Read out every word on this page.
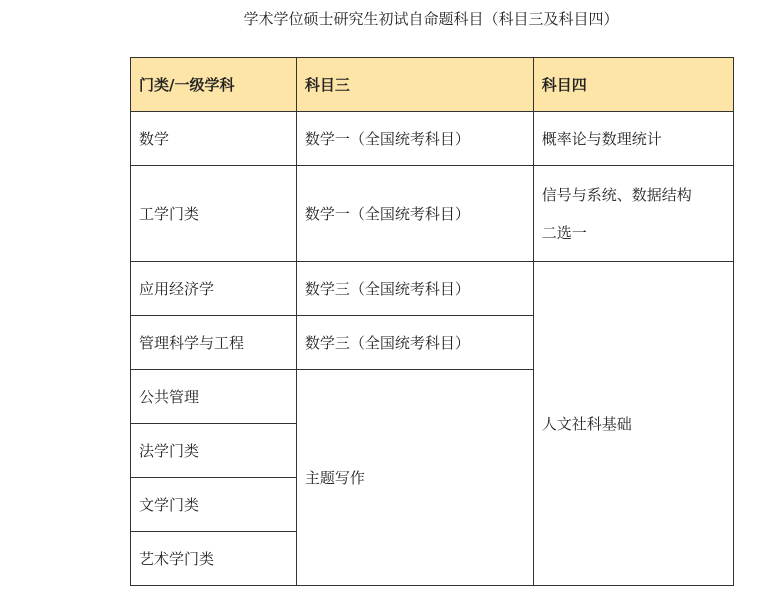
学术学位硕士研究生初试自命题科目（科目三及科目四）
门类/一级学科	科目三	科目四
数学	数学一（全国统考科目）	概率论与数理统计
工学门类	数学一（全国统考科目）	信号与系统、数据结构
二选一

应用经济学	数学三（全国统考科目）	人文社科基础
管理科学与工程	数学三（全国统考科目）	
公共管理	主题写作	
法学门类		
文学门类		
艺术学门类		
